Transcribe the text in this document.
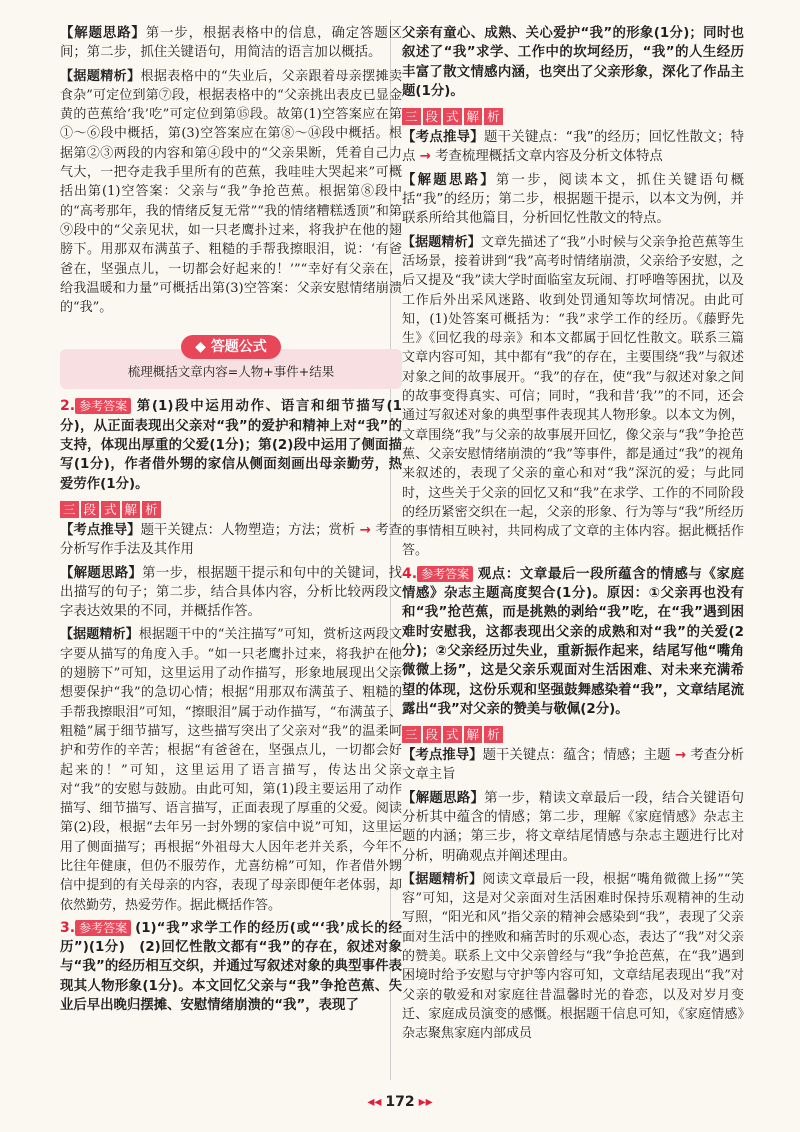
【解题思路】第一步，根据表格中的信息，确定答题区间；第二步，抓住关键语句，用简洁的语言加以概括。

【据题精析】根据表格中的“失业后，父亲跟着母亲摆摊卖食杂”可定位到第⑦段，根据表格中的“父亲挑出表皮已显金黄的芭蕉给‘我’吃”可定位到第⑮段。故第(1)空答案应在第①～⑥段中概括，第(3)空答案应在第⑧～⑭段中概括。根据第②③两段的内容和第④段中的“父亲果断，凭着自己力气大，一把夺走我手里所有的芭蕉，我哇哇大哭起来”可概括出第(1)空答案：父亲与“我”争抢芭蕉。根据第⑧段中的“高考那年，我的情绪反复无常”“我的情绪糟糕透顶”和第⑨段中的“父亲见状，如一只老鹰扑过来，将我护在他的翅膀下。用那双布满茧子、粗糙的手帮我擦眼泪，说：‘有爸爸在，坚强点儿，一切都会好起来的！’”“幸好有父亲在，给我温暖和力量”可概括出第(3)空答案：父亲安慰情绪崩溃的“我”。

◆ 答题公式
梳理概括文章内容=人物+事件+结果

2. 参考答案 第(1)段中运用动作、语言和细节描写(1分)，从正面表现出父亲对“我”的爱护和精神上对“我”的支持，体现出厚重的父爱(1分)；第(2)段中运用了侧面描写(1分)，作者借外甥的家信从侧面刻画出母亲勤劳，热爱劳作(1分)。

三 段 式 解 析

【考点推导】题干关键点：人物塑造；方法；赏析 → 考查分析写作手法及其作用

【解题思路】第一步，根据题干提示和句中的关键词，找出描写的句子；第二步，结合具体内容，分析比较两段文字表达效果的不同，并概括作答。

【据题精析】根据题干中的“关注描写”可知，赏析这两段文字要从描写的角度入手。“如一只老鹰扑过来，将我护在他的翅膀下”可知，这里运用了动作描写，形象地展现出父亲想要保护“我”的急切心情；根据“用那双布满茧子、粗糙的手帮我擦眼泪”可知，“擦眼泪”属于动作描写，“布满茧子、粗糙”属于细节描写，这些描写突出了父亲对“我”的温柔呵护和劳作的辛苦；根据“有爸爸在，坚强点儿，一切都会好起来的！”可知，这里运用了语言描写，传达出父亲对“我”的安慰与鼓励。由此可知，第(1)段主要运用了动作描写、细节描写、语言描写，正面表现了厚重的父爱。阅读第(2)段，根据“去年另一封外甥的家信中说”可知，这里运用了侧面描写；再根据“外祖母大人因年老并关系，今年不比往年健康，但仍不服劳作，尤喜纺棉”可知，作者借外甥信中提到的有关母亲的内容，表现了母亲即便年老体弱，却依然勤劳，热爱劳作。据此概括作答。

3. 参考答案 (1)“我”求学工作的经历(或“‘我’成长的经历”)(1分)　(2)回忆性散文都有“我”的存在，叙述对象与“我”的经历相互交织，并通过写叙述对象的典型事件表现其人物形象(1分)。本文回忆父亲与“我”争抢芭蕉、失业后早出晚归摆摊、安慰情绪崩溃的“我”，表现了

父亲有童心、成熟、关心爱护“我”的形象(1分)；同时也叙述了“我”求学、工作中的坎坷经历，“我”的人生经历丰富了散文情感内涵，也突出了父亲形象，深化了作品主题(1分)。

三 段 式 解 析

【考点推导】题干关键点：“我”的经历；回忆性散文；特点 → 考查梳理概括文章内容及分析文体特点

【解题思路】第一步，阅读本文，抓住关键语句概括“我”的经历；第二步，根据题干提示，以本文为例，并联系所给其他篇目，分析回忆性散文的特点。

【据题精析】文章先描述了“我”小时候与父亲争抢芭蕉等生活场景，接着讲到“我”高考时情绪崩溃，父亲给予安慰，之后又提及“我”读大学时面临室友玩闹、打呼噜等困扰，以及工作后外出采风迷路、收到处罚通知等坎坷情况。由此可知，(1)处答案可概括为：“我”求学工作的经历。《藤野先生》《回忆我的母亲》和本文都属于回忆性散文。联系三篇文章内容可知，其中都有“我”的存在，主要围绕“我”与叙述对象之间的故事展开。“我”的存在，使“我”与叙述对象之间的故事变得真实、可信；同时，“我和昔‘我’”的不同，还会通过写叙述对象的典型事件表现其人物形象。以本文为例，文章围绕“我”与父亲的故事展开回忆，像父亲与“我”争抢芭蕉、父亲安慰情绪崩溃的“我”等事件，都是通过“我”的视角来叙述的，表现了父亲的童心和对“我”深沉的爱；与此同时，这些关于父亲的回忆又和“我”在求学、工作的不同阶段的经历紧密交织在一起，父亲的形象、行为等与“我”所经历的事情相互映衬，共同构成了文章的主体内容。据此概括作答。

4. 参考答案 观点：文章最后一段所蕴含的情感与《家庭情感》杂志主题高度契合(1分)。原因：①父亲再也没有和“我”抢芭蕉，而是挑熟的剥给“我”吃，在“我”遇到困难时安慰我，这都表现出父亲的成熟和对“我”的关爱(2分)；②父亲经历过失业，重新振作起来，结尾写他“嘴角微微上扬”，这是父亲乐观面对生活困难、对未来充满希望的体现，这份乐观和坚强鼓舞感染着“我”，文章结尾流露出“我”对父亲的赞美与敬佩(2分)。

三 段 式 解 析

【考点推导】题干关键点：蕴含；情感；主题 → 考查分析文章主旨

【解题思路】第一步，精读文章最后一段，结合关键语句分析其中蕴含的情感；第二步，理解《家庭情感》杂志主题的内涵；第三步，将文章结尾情感与杂志主题进行比对分析，明确观点并阐述理由。

【据题精析】阅读文章最后一段，根据“嘴角微微上扬”“笑容”可知，这是对父亲面对生活困难时保持乐观精神的生动写照，“阳光和风”指父亲的精神会感染到“我”，表现了父亲面对生活中的挫败和痛苦时的乐观心态，表达了“我”对父亲的赞美。联系上文中父亲曾经与“我”争抢芭蕉，在“我”遇到困境时给予安慰与守护等内容可知，文章结尾表现出“我”对父亲的敬爱和对家庭往昔温馨时光的眷恋，以及对岁月变迁、家庭成员演变的感慨。根据题干信息可知，《家庭情感》杂志聚焦家庭内部成员

◂◂ 172 ▸▸
